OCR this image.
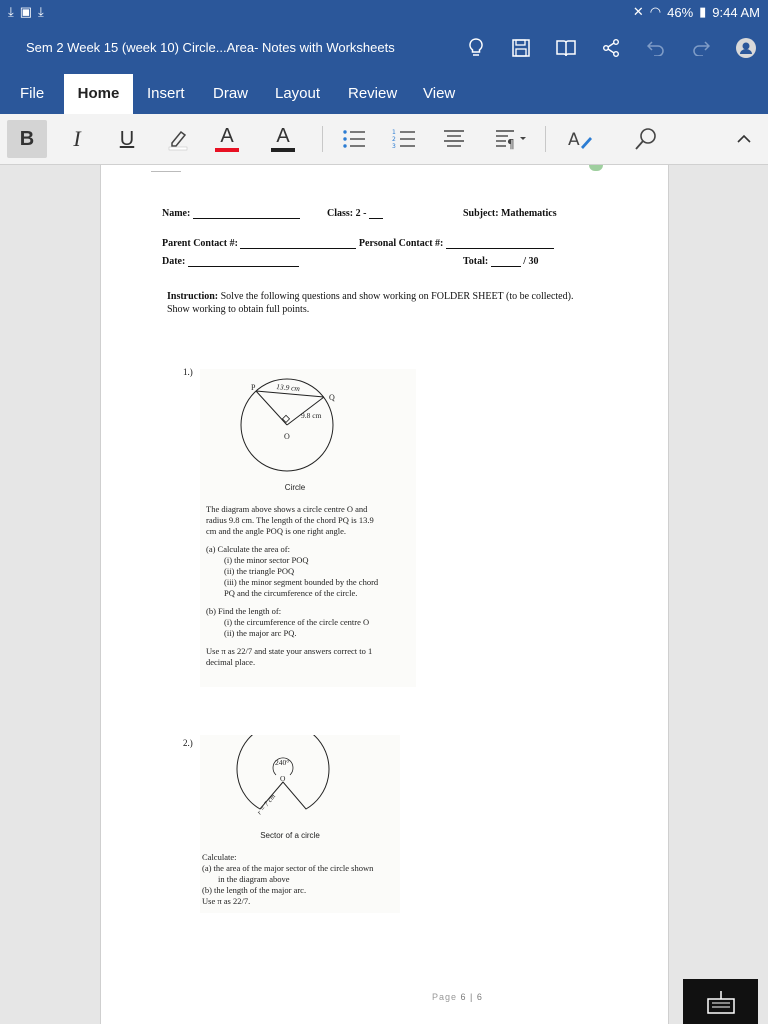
⤓ ▣ ⤓	✕ ◠ 46% ▮ 9:44 AM
Sem 2 Week 15 (week 10) Circle...Area- Notes with Worksheets
File	Home	Insert Draw Layout Review View
B I U	A A	1
2
3	¶	A
Name:	Class: 2 -	Subject: Mathematics
Parent Contact #:	Personal Contact #:
Date:	Total:	/ 30
Instruction: Solve the following questions and show working on FOLDER SHEET (to be collected). Show working to obtain full points.
1.)
P
Q
O
13.9 cm
9.8 cm
Circle
The diagram above shows a circle centre O and radius 9.8 cm. The length of the chord PQ is 13.9 cm and the angle POQ is one right angle.
(a) Calculate the area of:
(i) the minor sector POQ
(ii) the triangle POQ
(iii) the minor segment bounded by the chord PQ and the circumference of the circle.
(b) Find the length of:
(i) the circumference of the circle centre O
(ii) the major arc PQ.
Use π as 22/7 and state your answers correct to 1 decimal place.
2.)
240°
O
r = 7 cm
Sector of a circle
Calculate:
(a) the area of the major sector of the circle shown in the diagram above
(b) the length of the major arc.
Use π as 22/7.
Page 6 | 6
